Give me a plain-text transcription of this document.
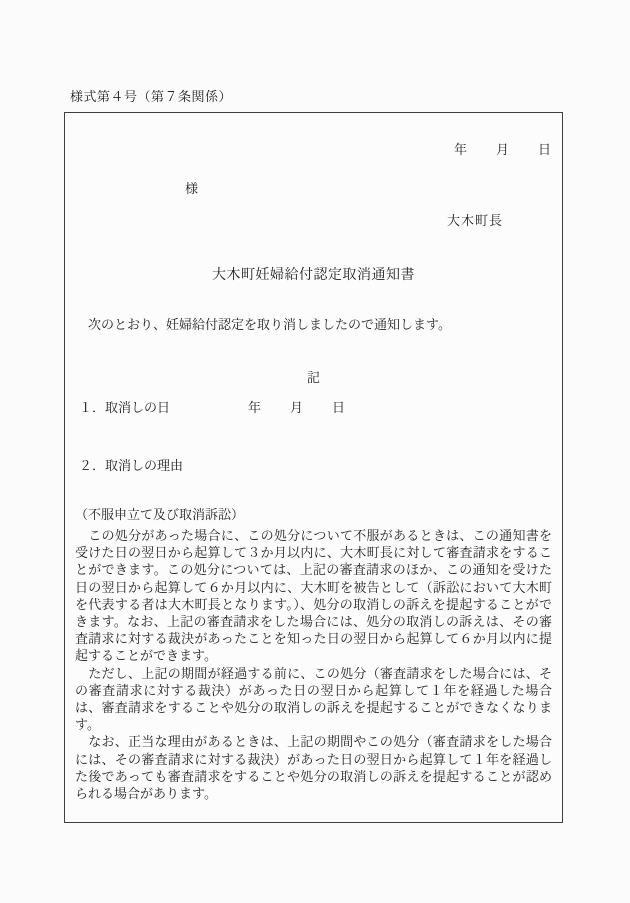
様式第４号（第７条関係）
年　　月　　日
様
大木町長
大木町妊婦給付認定取消通知書
　次のとおり、妊婦給付認定を取り消しましたので通知します。
記
１．取消しの日	年　　月　　日
２．取消しの理由
（不服申立て及び取消訴訟）

　この処分があった場合に、この処分について不服があるときは、この通知書を受けた日の翌日から起算して３か月以内に、大木町長に対して審査請求をすることができます。この処分については、上記の審査請求のほか、この通知を受けた日の翌日から起算して６か月以内に、大木町を被告として（訴訟において大木町を代表する者は大木町長となります。）、処分の取消しの訴えを提起することができます。なお、上記の審査請求をした場合には、処分の取消しの訴えは、その審査請求に対する裁決があったことを知った日の翌日から起算して６か月以内に提起することができます。

　ただし、上記の期間が経過する前に、この処分（審査請求をした場合には、その審査請求に対する裁決）があった日の翌日から起算して１年を経過した場合は、審査請求をすることや処分の取消しの訴えを提起することができなくなります。

　なお、正当な理由があるときは、上記の期間やこの処分（審査請求をした場合には、その審査請求に対する裁決）があった日の翌日から起算して１年を経過した後であっても審査請求をすることや処分の取消しの訴えを提起することが認められる場合があります。
